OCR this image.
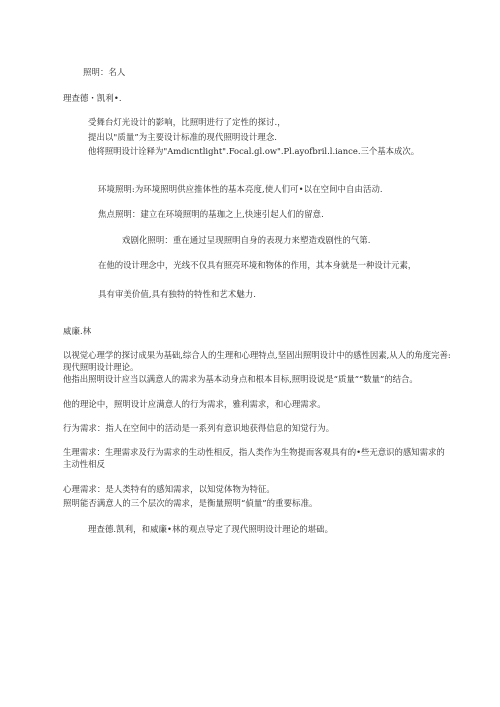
照明：名人
理查德・凯利•.
受舞台灯光设计的影响，比照明进行了定性的探讨.，
提出以"质量”为主要设计标准的现代照明设计理念.
他将照明设计诠释为"Amdicntlight".Focal.gl.ow".Pl.ayofbril.l.iance.三个基本成次。
环境照明:为环境照明供应推体性的基本亮度,使人们可•以在空间中自由活动.
焦点照明：建立在环境照明的基珈之上,快速引起人们的留意.
戏剧化照明：重在通过呈现照明自身的表现力来塑造戏剧性的气第.
在他的设计理念中，光线不仅具有照亮环境和物体的作用，其本身就是一种设计元素，
具有审美价值,具有独特的特性和艺术魅力.
威廉.林
以视觉心理学的探讨成果为基础,综合人的生理和心理特点,坚固出照明设计中的感性因素,从人的角度完善:现代照明设计理论。
他指出照明设计应当以满意人的需求为基本动身点和根本目标,照明设说是“质量”“数量”的结合。
他的理论中，照明设计应满意人的行为需求，雅利需求，和心理需求。
行为需求：指人在空间中的活动是一系列有意识地获得信息的知觉行为。
生理需求：生理需求及行为需求的生动性相反，指人类作为生物提而客观具有的•些无意识的感知需求的主动性相反
心理需求：是人类特有的感知需求，以知觉体物为特征。
照明能否满意人的三个层次的需求，是衡量照明“偵量”的重要标准。
理查德.凯利，和威廉•林的观点导定了现代照明设计理论的堪础。
